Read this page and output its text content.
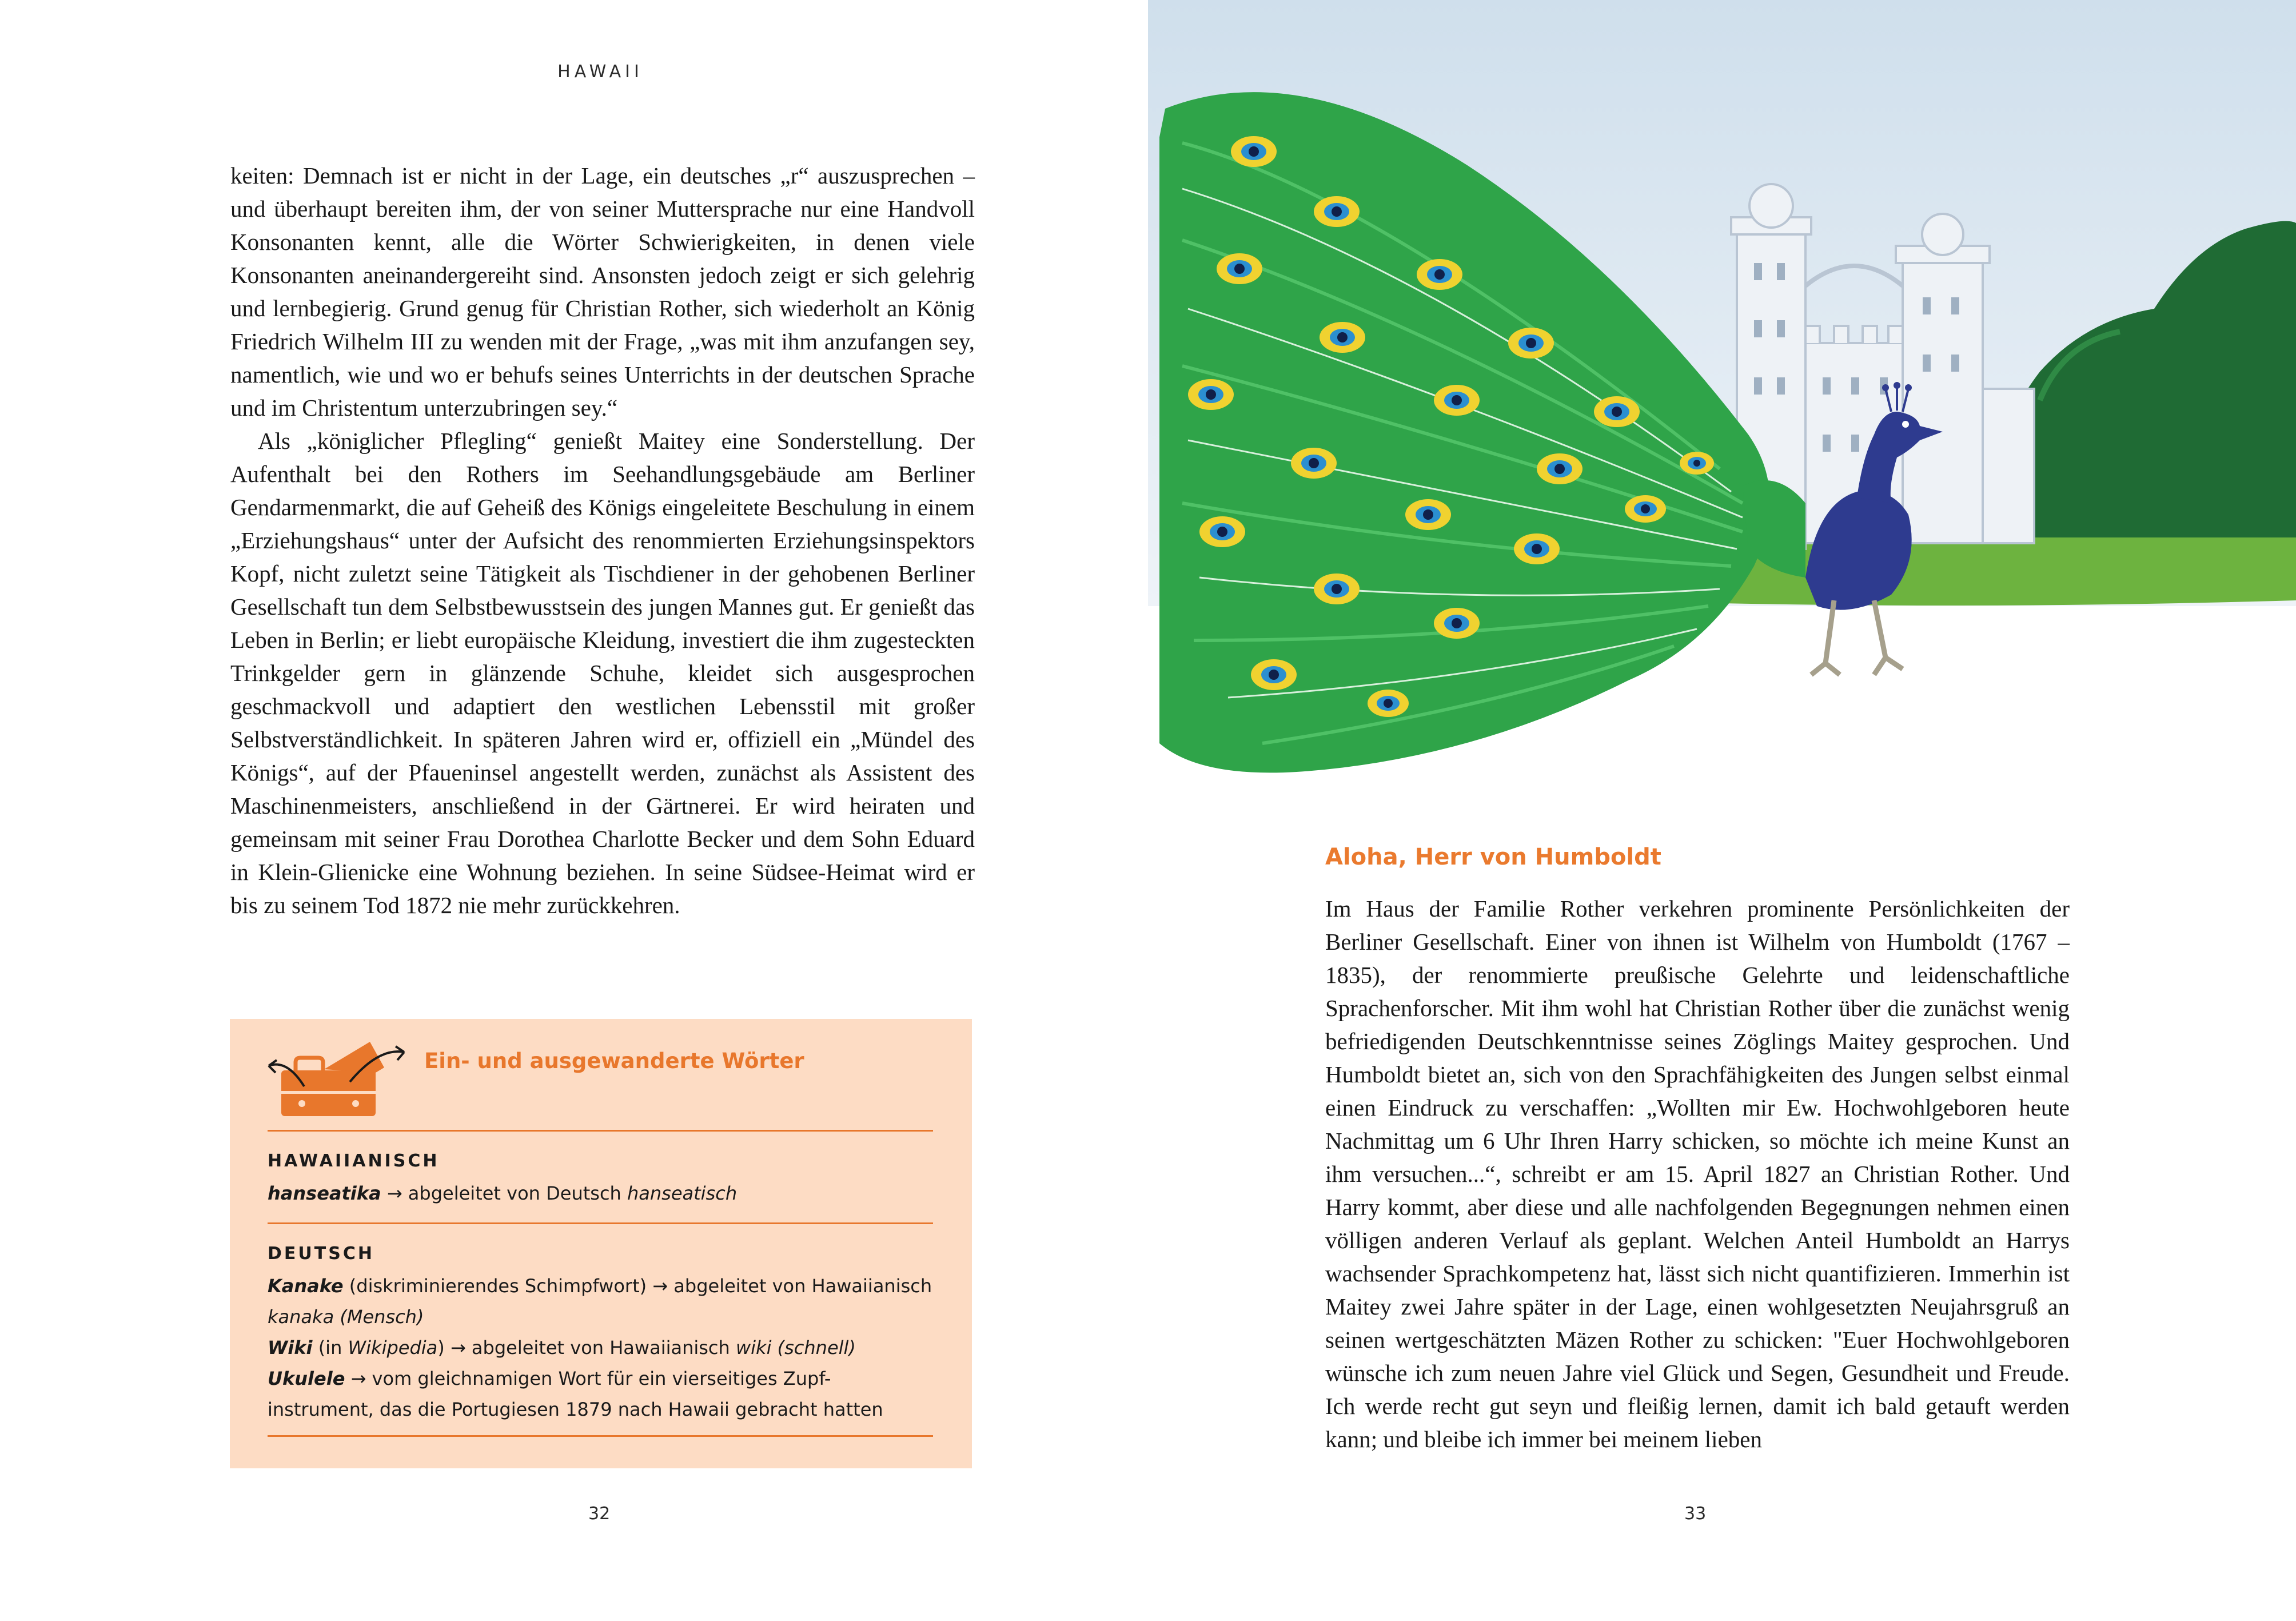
HAWAII

keiten: Demnach ist er nicht in der Lage, ein deutsches „r“ auszusprechen – und überhaupt bereiten ihm, der von seiner Muttersprache nur eine Handvoll Konsonanten kennt, alle die Wörter Schwierigkeiten, in denen viele Konsonanten aneinandergereiht sind. Ansonsten jedoch zeigt er sich gelehrig und lernbegierig. Grund genug für Christian Rother, sich wiederholt an König Friedrich Wilhelm III zu wenden mit der Frage, „was mit ihm anzufangen sey, namentlich, wie und wo er behufs seines Unterrichts in der deutschen Sprache und im Christentum unterzubringen sey.“

Als „königlicher Pflegling“ genießt Maitey eine Sonderstellung. Der Aufenthalt bei den Rothers im Seehandlungsgebäude am Berliner Gendarmenmarkt, die auf Geheiß des Königs eingeleitete Beschulung in einem „Erziehungshaus“ unter der Aufsicht des renommierten Erziehungsinspektors Kopf, nicht zuletzt seine Tätigkeit als Tischdiener in der gehobenen Berliner Gesellschaft tun dem Selbstbewusstsein des jungen Mannes gut. Er genießt das Leben in Berlin; er liebt europäische Kleidung, investiert die ihm zugesteckten Trinkgelder gern in glänzende Schuhe, kleidet sich ausgesprochen geschmackvoll und adaptiert den westlichen Lebensstil mit großer Selbstverständlichkeit. In späteren Jahren wird er, offiziell ein „Mündel des Königs“, auf der Pfaueninsel angestellt werden, zunächst als Assistent des Maschinenmeisters, anschließend in der Gärtnerei. Er wird heiraten und gemeinsam mit seiner Frau Dorothea Charlotte Becker und dem Sohn Eduard in Klein-Glienicke eine Wohnung beziehen. In seine Südsee-Heimat wird er bis zu seinem Tod 1872 nie mehr zurückkehren.

Ein- und ausgewanderte Wörter
HAWAIIANISCH
hanseatika → abgeleitet von Deutsch hanseatisch
DEUTSCH
Kanake (diskriminierendes Schimpfwort) → abgeleitet von Hawaiianisch
kanaka (Mensch)
Wiki (in Wikipedia) → abgeleitet von Hawaiianisch wiki (schnell)
Ukulele → vom gleichnamigen Wort für ein vierseitiges Zupf-
instrument, das die Portugiesen 1879 nach Hawaii gebracht hatten
32
Aloha, Herr von Humboldt

Im Haus der Familie Rother verkehren prominente Persönlichkeiten der Berliner Gesellschaft. Einer von ihnen ist Wilhelm von Humboldt (1767 – 1835), der renommierte preußische Gelehrte und leidenschaftliche Sprachenforscher. Mit ihm wohl hat Christian Rother über die zunächst wenig befriedigenden Deutschkenntnisse seines Zöglings Maitey gesprochen. Und Humboldt bietet an, sich von den Sprachfähigkeiten des Jungen selbst einmal einen Eindruck zu verschaffen: „Wollten mir Ew. Hochwohlgeboren heute Nachmittag um 6 Uhr Ihren Harry schicken, so möchte ich meine Kunst an ihm versuchen...“, schreibt er am 15. April 1827 an Christian Rother. Und Harry kommt, aber diese und alle nachfolgenden Begegnungen nehmen einen völligen anderen Verlauf als geplant. Welchen Anteil Humboldt an Harrys wachsender Sprachkompetenz hat, lässt sich nicht quantifizieren. Immerhin ist Maitey zwei Jahre später in der Lage, einen wohlgesetzten Neujahrsgruß an seinen wertgeschätzten Mäzen Rother zu schicken: "Euer Hochwohlgeboren wünsche ich zum neuen Jahre viel Glück und Segen, Gesundheit und Freude. Ich werde recht gut seyn und fleißig lernen, damit ich bald getauft werden kann; und bleibe ich immer bei meinem lieben

33
